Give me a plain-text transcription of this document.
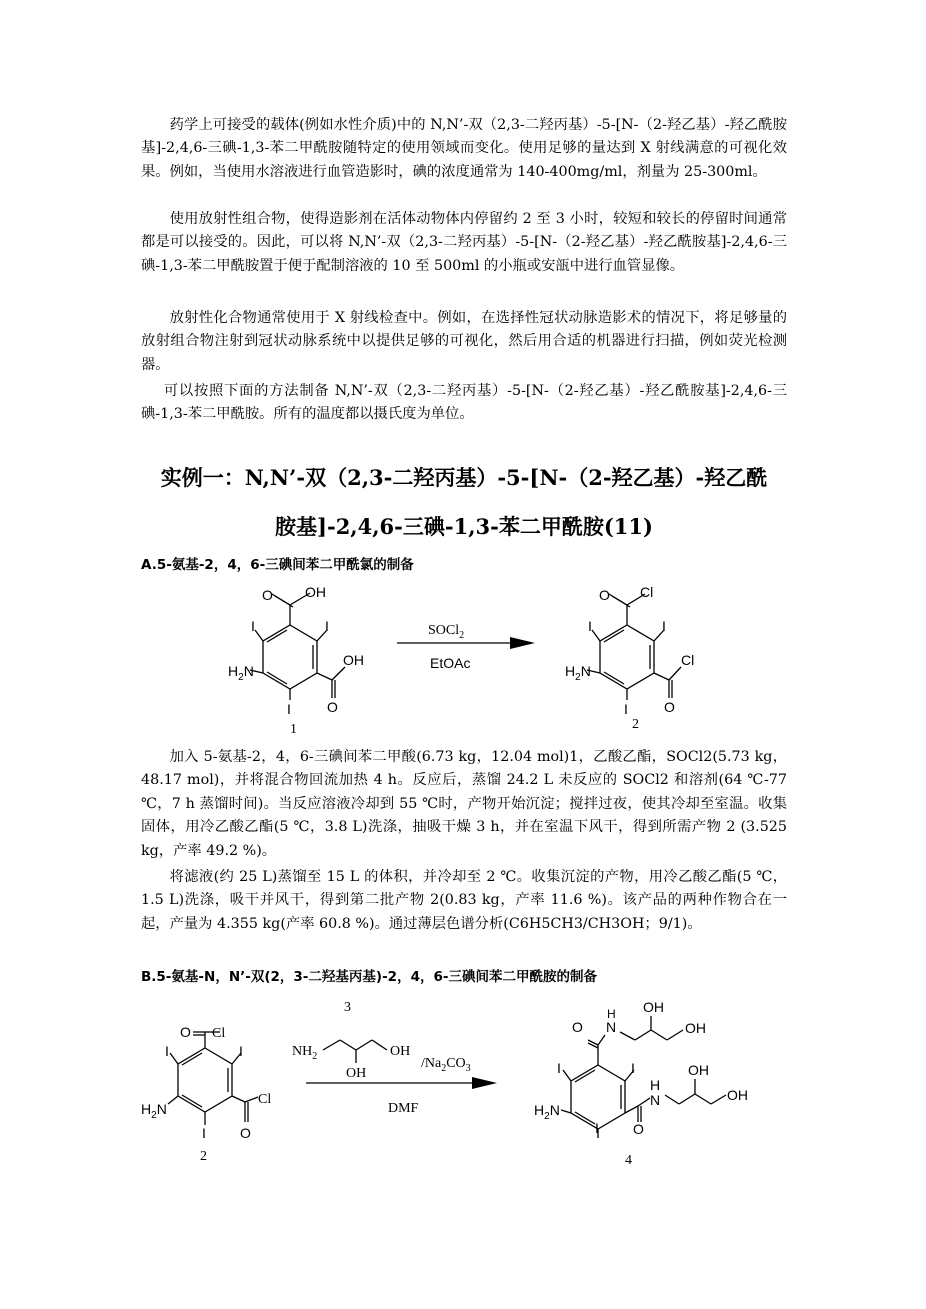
药学上可接受的载体(例如水性介质)中的 N,N’-双（2,3-二羟丙基）-5-[N-（2-羟乙基）-羟乙酰胺基]-2,4,6-三碘-1,3-苯二甲酰胺随特定的使用领域而变化。使用足够的量达到 X 射线满意的可视化效果。例如，当使用水溶液进行血管造影时，碘的浓度通常为 140-400mg/ml，剂量为 25-300ml。

使用放射性组合物，使得造影剂在活体动物体内停留约 2 至 3 小时，较短和较长的停留时间通常都是可以接受的。因此，可以将 N,N’-双（2,3-二羟丙基）-5-[N-（2-羟乙基）-羟乙酰胺基]-2,4,6-三碘-1,3-苯二甲酰胺置于便于配制溶液的 10 至 500ml 的小瓶或安瓿中进行血管显像。

放射性化合物通常使用于 X 射线检查中。例如，在选择性冠状动脉造影术的情况下，将足够量的放射组合物注射到冠状动脉系统中以提供足够的可视化，然后用合适的机器进行扫描，例如荧光检测器。

可以按照下面的方法制备 N,N’-双（2,3-二羟丙基）-5-[N-（2-羟乙基）-羟乙酰胺基]-2,4,6-三碘-1,3-苯二甲酰胺。所有的温度都以摄氏度为单位。

实例一：N,N’-双（2,3-二羟丙基）-5-[N-（2-羟乙基）-羟乙酰

胺基]-2,4,6-三碘-1,3-苯二甲酰胺(11)

A.5-氨基-2，4，6-三碘间苯二甲酰氯的制备

OH
O
I	I
OH
O
I
$H_2N$
SOCl$_2$
EtOAc
Cl
O
I	I
Cl
O
I
$H_2N$
1	2

加入 5-氨基-2，4，6-三碘间苯二甲酸(6.73 kg，12.04 mol)1，乙酸乙酯，SOCl2(5.73 kg，48.17 mol)，并将混合物回流加热 4 h。反应后，蒸馏 24.2 L 未反应的 SOCl2 和溶剂(64 ℃-77 ℃，7 h 蒸馏时间)。当反应溶液冷却到 55 ℃时，产物开始沉淀；搅拌过夜，使其冷却至室温。收集固体，用冷乙酸乙酯(5 ℃，3.8 L)洗涤，抽吸干燥 3 h，并在室温下风干，得到所需产物 2 (3.525 kg，产率 49.2 %)。

将滤液(约 25 L)蒸馏至 15 L 的体积，并冷却至 2 ℃。收集沉淀的产物，用冷乙酸乙酯(5 ℃，1.5 L)洗涤，吸干并风干，得到第二批产物 2(0.83 kg，产率 11.6 %)。该产品的两种作物合在一起，产量为 4.355 kg(产率 60.8 %)。通过薄层色谱分析(C6H5CH3/CH3OH；9/1)。

B.5-氨基-N，N’-双(2，3-二羟基丙基)-2，4，6-三碘间苯二甲酰胺的制备

Cl
O
I	I
Cl
O
I
$H_2N$
2
3
$NH_2$	OH
OH
$/Na_2CO_3$
DMF
O N
H OH
OH
I	I
H
N
OH
OH
O
I
$H_2N$
4
